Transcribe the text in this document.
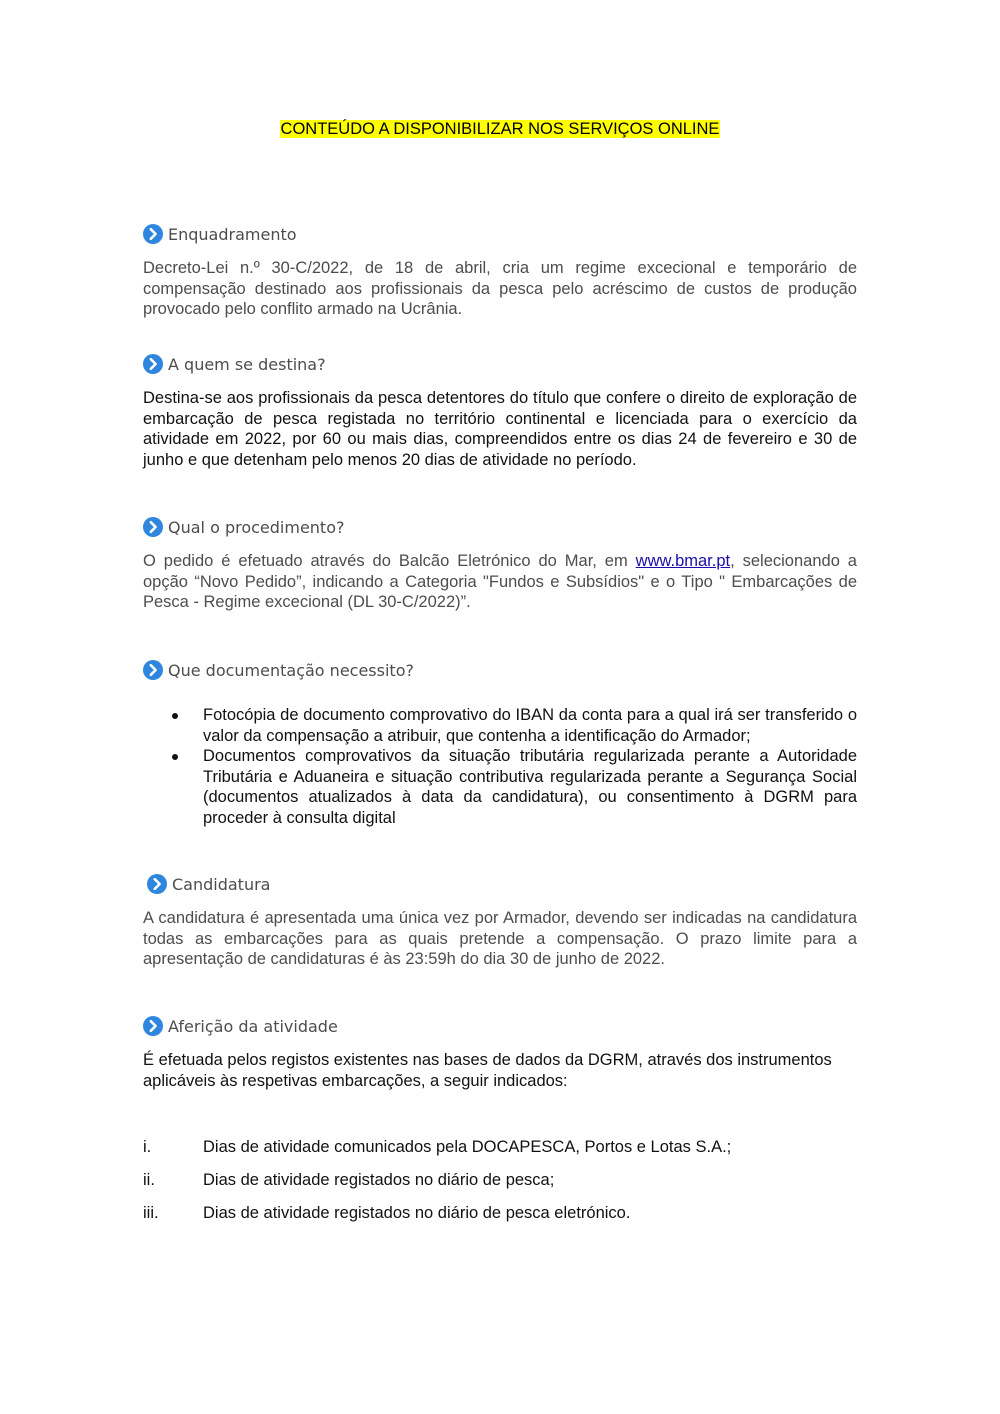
CONTEÚDO A DISPONIBILIZAR NOS SERVIÇOS ONLINE
Enquadramento
Decreto-Lei n.º 30-C/2022, de 18 de abril, cria um regime excecional e temporário de compensação destinado aos profissionais da pesca pelo acréscimo de custos de produção provocado pelo conflito armado na Ucrânia.
A quem se destina?
Destina-se aos profissionais da pesca detentores do título que confere o direito de exploração de embarcação de pesca registada no território continental e licenciada para o exercício da atividade em 2022, por 60 ou mais dias, compreendidos entre os dias 24 de fevereiro e 30 de junho e que detenham pelo menos 20 dias de atividade no período.
Qual o procedimento?
O pedido é efetuado através do Balcão Eletrónico do Mar, em www.bmar.pt, selecionando a opção “Novo Pedido”, indicando a Categoria "Fundos e Subsídios" e o Tipo " Embarcações de Pesca - Regime excecional (DL 30-C/2022)”.
Que documentação necessito?
Fotocópia de documento comprovativo do IBAN da conta para a qual irá ser transferido o valor da compensação a atribuir, que contenha a identificação do Armador;
Documentos comprovativos da situação tributária regularizada perante a Autoridade Tributária e Aduaneira e situação contributiva regularizada perante a Segurança Social (documentos atualizados à data da candidatura), ou consentimento à DGRM para proceder à consulta digital
Candidatura
A candidatura é apresentada uma única vez por Armador, devendo ser indicadas na candidatura todas as embarcações para as quais pretende a compensação. O prazo limite para a apresentação de candidaturas é às 23:59h do dia 30 de junho de 2022.
Aferição da atividade
É efetuada pelos registos existentes nas bases de dados da DGRM, através dos instrumentos aplicáveis às respetivas embarcações, a seguir indicados:
i.	Dias de atividade comunicados pela DOCAPESCA, Portos e Lotas S.A.;
ii.	Dias de atividade registados no diário de pesca;
iii.	Dias de atividade registados no diário de pesca eletrónico.
